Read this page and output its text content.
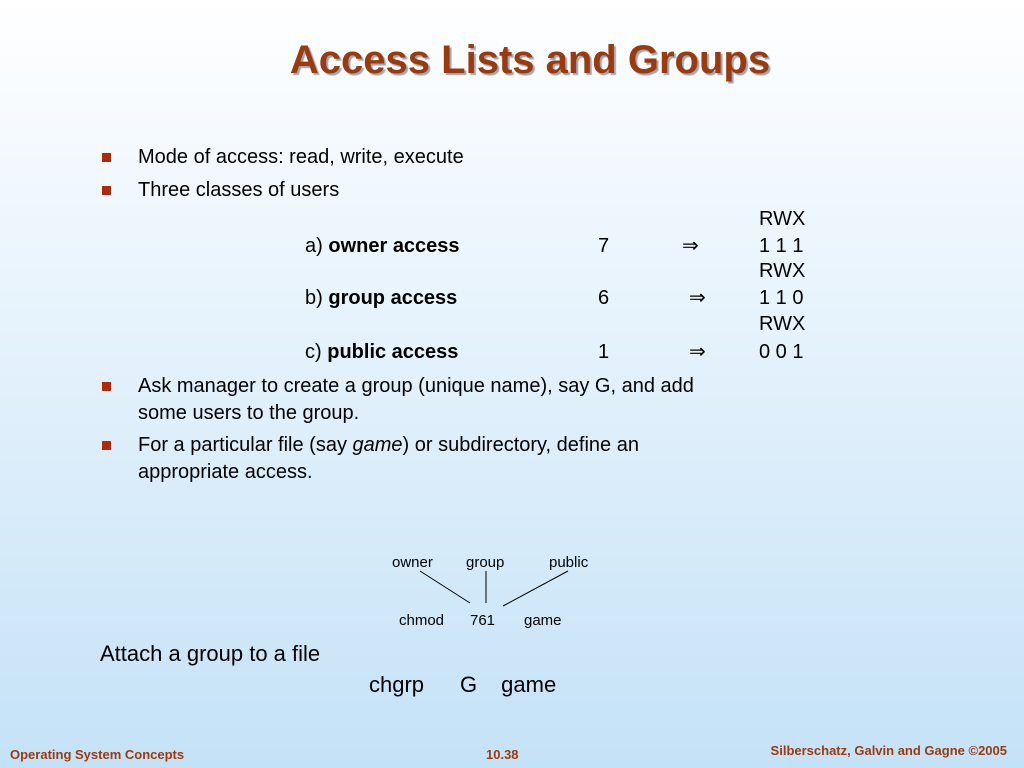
Access Lists and Groups
Mode of access: read, write, execute
Three classes of users
RWX
a) owner access	7	⇒	1 1 1
RWX
b) group access	6	⇒	1 1 0
RWX
c) public access	1	⇒	0 0 1
Ask manager to create a group (unique name), say G, and add
some users to the group.
For a particular file (say game) or subdirectory, define an
appropriate access.
owner group	public
chmod 761 game
Attach a group to a file
chgrp G game
Operating System Concepts	10.38	Silberschatz, Galvin and Gagne ©2005
